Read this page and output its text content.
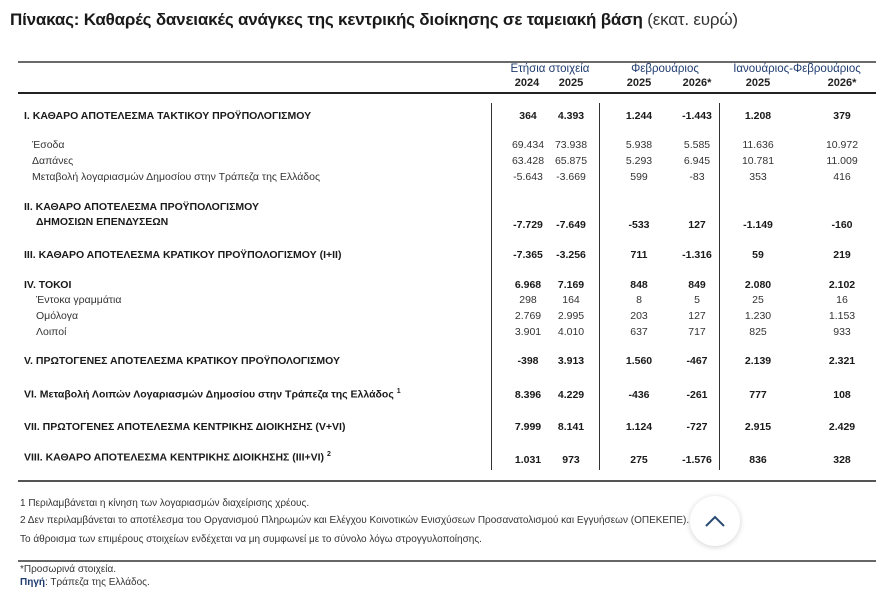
Πίνακας: Καθαρές δανειακές ανάγκες της κεντρικής διοίκησης σε ταμειακή βάση (εκατ. ευρώ)
Ετήσια στοιχεία	Φεβρουάριος	Ιανουάριος-Φεβρουάριος
2024	2025	2025	2026*	2025	2026*
I. ΚΑΘΑΡΟ ΑΠΟΤΕΛΕΣΜΑ ΤΑΚΤΙΚΟΥ ΠΡΟΫΠΟΛΟΓΙΣΜΟΥ	364	4.393	1.244	-1.443	1.208	379
Έσοδα	69.434	73.938	5.938	5.585	11.636	10.972
Δαπάνες	63.428	65.875	5.293	6.945	10.781	11.009
Μεταβολή λογαριασμών Δημοσίου στην Τράπεζα της Ελλάδος	-5.643	-3.669	599	-83	353	416
II. ΚΑΘΑΡΟ ΑΠΟΤΕΛΕΣΜΑ ΠΡΟΫΠΟΛΟΓΙΣΜΟΥ
ΔΗΜΟΣΙΩΝ ΕΠΕΝΔΥΣΕΩΝ	-7.729	-7.649	-533	127	-1.149	-160
III. ΚΑΘΑΡΟ ΑΠΟΤΕΛΕΣΜΑ ΚΡΑΤΙΚΟΥ ΠΡΟΫΠΟΛΟΓΙΣΜΟΥ (I+II)	-7.365	-3.256	711	-1.316	59	219
IV. ΤΟΚΟΙ	6.968	7.169	848	849	2.080	2.102
Έντοκα γραμμάτια	298	164	8	5	25	16
Ομόλογα	2.769	2.995	203	127	1.230	1.153
Λοιποί	3.901	4.010	637	717	825	933
V. ΠΡΩΤΟΓΕΝΕΣ ΑΠΟΤΕΛΕΣΜΑ ΚΡΑΤΙΚΟΥ ΠΡΟΫΠΟΛΟΓΙΣΜΟΥ	-398	3.913	1.560	-467	2.139	2.321
VI. Μεταβολή Λοιπών Λογαριασμών Δημοσίου στην Τράπεζα της Ελλάδος $^1$	8.396	4.229	-436	-261	777	108
VII. ΠΡΩΤΟΓΕΝΕΣ ΑΠΟΤΕΛΕΣΜΑ ΚΕΝΤΡΙΚΗΣ ΔΙΟΙΚΗΣΗΣ (V+VI)	7.999	8.141	1.124	-727	2.915	2.429
VIII. ΚΑΘΑΡΟ ΑΠΟΤΕΛΕΣΜΑ ΚΕΝΤΡΙΚΗΣ ΔΙΟΙΚΗΣΗΣ (III+VI) $^2$	1.031	973	275	-1.576	836	328
1 Περιλαμβάνεται η κίνηση των λογαριασμών διαχείρισης χρέους.
2 Δεν περιλαμβάνεται το αποτέλεσμα του Οργανισμού Πληρωμών και Ελέγχου Κοινοτικών Ενισχύσεων Προσανατολισμού και Εγγυήσεων (ΟΠΕΚΕΠΕ).
Το άθροισμα των επιμέρους στοιχείων ενδέχεται να μη συμφωνεί με το σύνολο λόγω στρογγυλοποίησης.
*Προσωρινά στοιχεία.
Πηγή: Τράπεζα της Ελλάδος.
